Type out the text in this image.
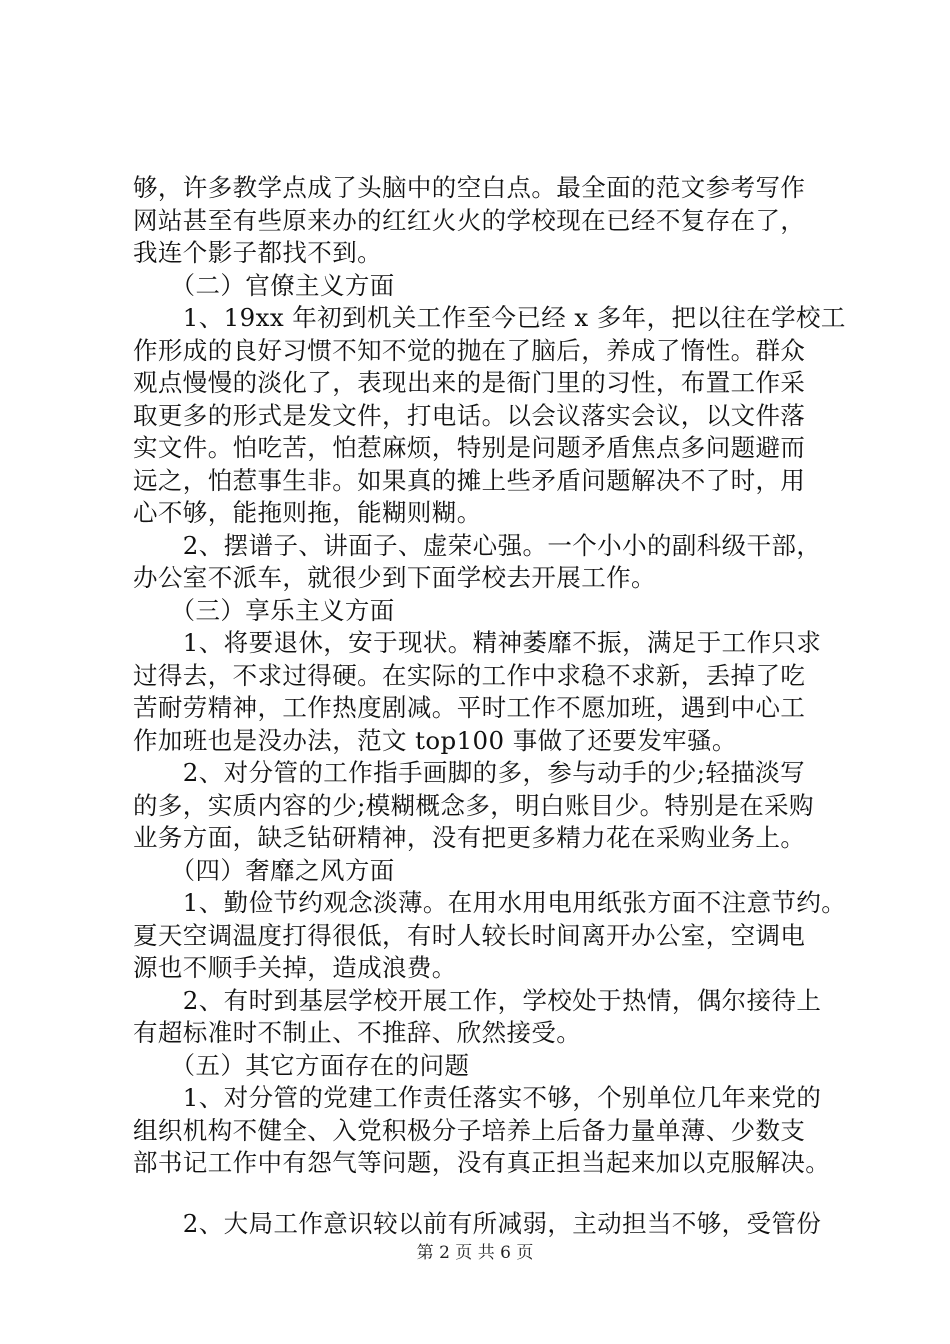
够，许多教学点成了头脑中的空白点。最全面的范文参考写作
网站甚至有些原来办的红红火火的学校现在已经不复存在了，
我连个影子都找不到。
　　（二）官僚主义方面
　　1、19xx 年初到机关工作至今已经 x 多年，把以往在学校工
作形成的良好习惯不知不觉的抛在了脑后，养成了惰性。群众
观点慢慢的淡化了，表现出来的是衙门里的习性，布置工作采
取更多的形式是发文件，打电话。以会议落实会议，以文件落
实文件。怕吃苦，怕惹麻烦，特别是问题矛盾焦点多问题避而
远之，怕惹事生非。如果真的摊上些矛盾问题解决不了时，用
心不够，能拖则拖，能糊则糊。
　　2、摆谱子、讲面子、虚荣心强。一个小小的副科级干部，
办公室不派车，就很少到下面学校去开展工作。
　　（三）享乐主义方面
　　1、将要退休，安于现状。精神萎靡不振，满足于工作只求
过得去，不求过得硬。在实际的工作中求稳不求新，丢掉了吃
苦耐劳精神，工作热度剧减。平时工作不愿加班，遇到中心工
作加班也是没办法，范文 top100 事做了还要发牢骚。
　　2、对分管的工作指手画脚的多，参与动手的少;轻描淡写
的多，实质内容的少;模糊概念多，明白账目少。特别是在采购
业务方面，缺乏钻研精神，没有把更多精力花在采购业务上。
　　（四）奢靡之风方面
　　1、勤俭节约观念淡薄。在用水用电用纸张方面不注意节约。
夏天空调温度打得很低，有时人较长时间离开办公室，空调电
源也不顺手关掉，造成浪费。
　　2、有时到基层学校开展工作，学校处于热情，偶尔接待上
有超标准时不制止、不推辞、欣然接受。
　　（五）其它方面存在的问题
　　1、对分管的党建工作责任落实不够，个别单位几年来党的
组织机构不健全、入党积极分子培养上后备力量单薄、少数支
部书记工作中有怨气等问题，没有真正担当起来加以克服解决。
　　2、大局工作意识较以前有所减弱，主动担当不够，受管份
第 2 页 共 6 页
